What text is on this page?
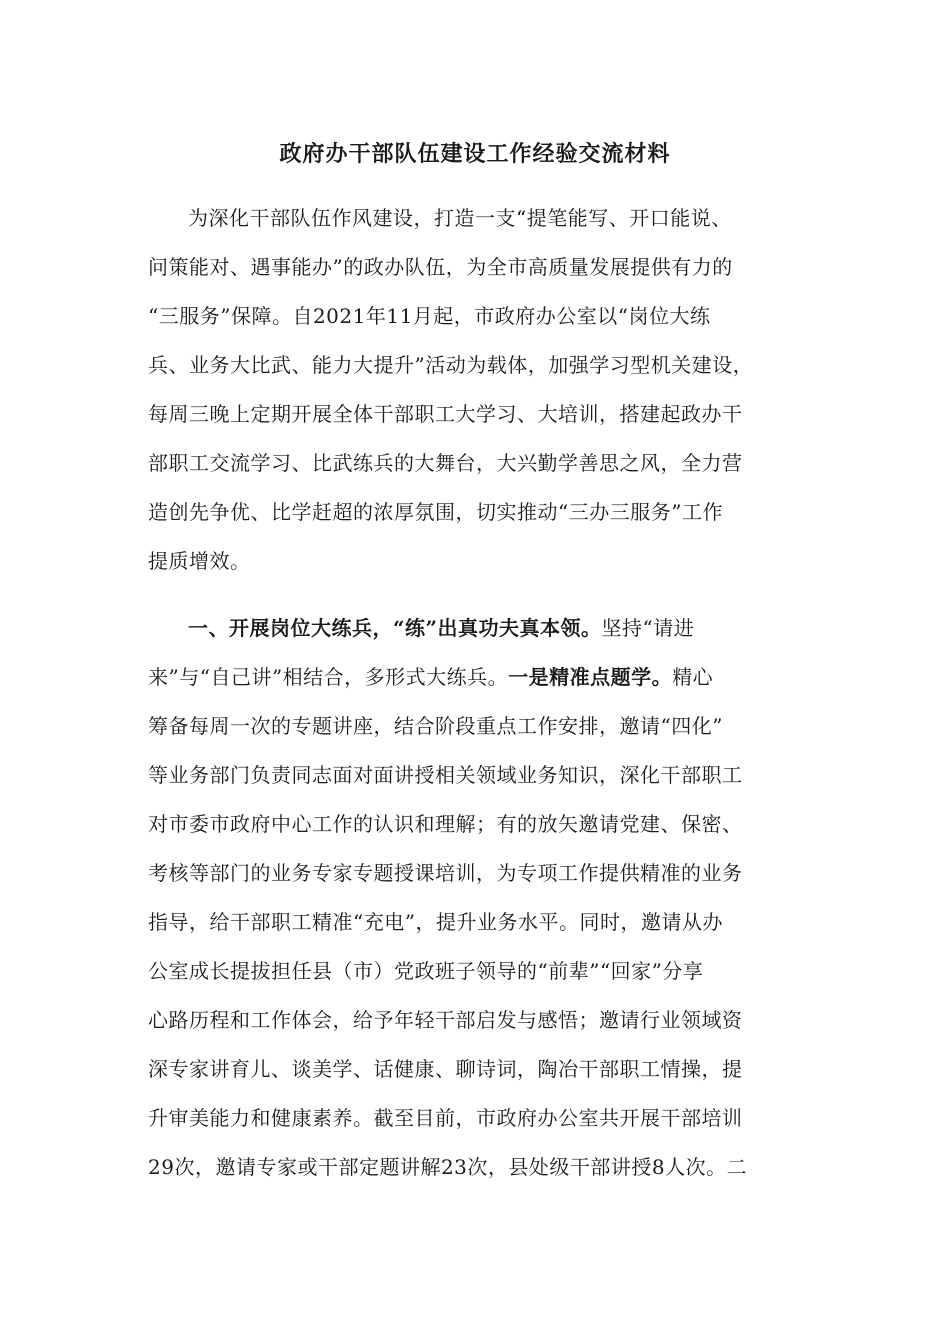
政府办干部队伍建设工作经验交流材料
为深化干部队伍作风建设，打造一支“提笔能写、开口能说、
问策能对、遇事能办”的政办队伍，为全市高质量发展提供有力的
“三服务”保障。自2021年11月起，市政府办公室以“岗位大练
兵、业务大比武、能力大提升”活动为载体，加强学习型机关建设，
每周三晚上定期开展全体干部职工大学习、大培训，搭建起政办干
部职工交流学习、比武练兵的大舞台，大兴勤学善思之风，全力营
造创先争优、比学赶超的浓厚氛围，切实推动“三办三服务”工作
提质增效。
一、开展岗位大练兵，“练”出真功夫真本领。坚持“请进
来”与“自己讲”相结合，多形式大练兵。一是精准点题学。精心
筹备每周一次的专题讲座，结合阶段重点工作安排，邀请“四化”
等业务部门负责同志面对面讲授相关领域业务知识，深化干部职工
对市委市政府中心工作的认识和理解；有的放矢邀请党建、保密、
考核等部门的业务专家专题授课培训，为专项工作提供精准的业务
指导，给干部职工精准“充电”，提升业务水平。同时，邀请从办
公室成长提拔担任县（市）党政班子领导的“前辈”“回家”分享
心路历程和工作体会，给予年轻干部启发与感悟；邀请行业领域资
深专家讲育儿、谈美学、话健康、聊诗词，陶冶干部职工情操，提
升审美能力和健康素养。截至目前，市政府办公室共开展干部培训
29次，邀请专家或干部定题讲解23次，县处级干部讲授8人次。二
